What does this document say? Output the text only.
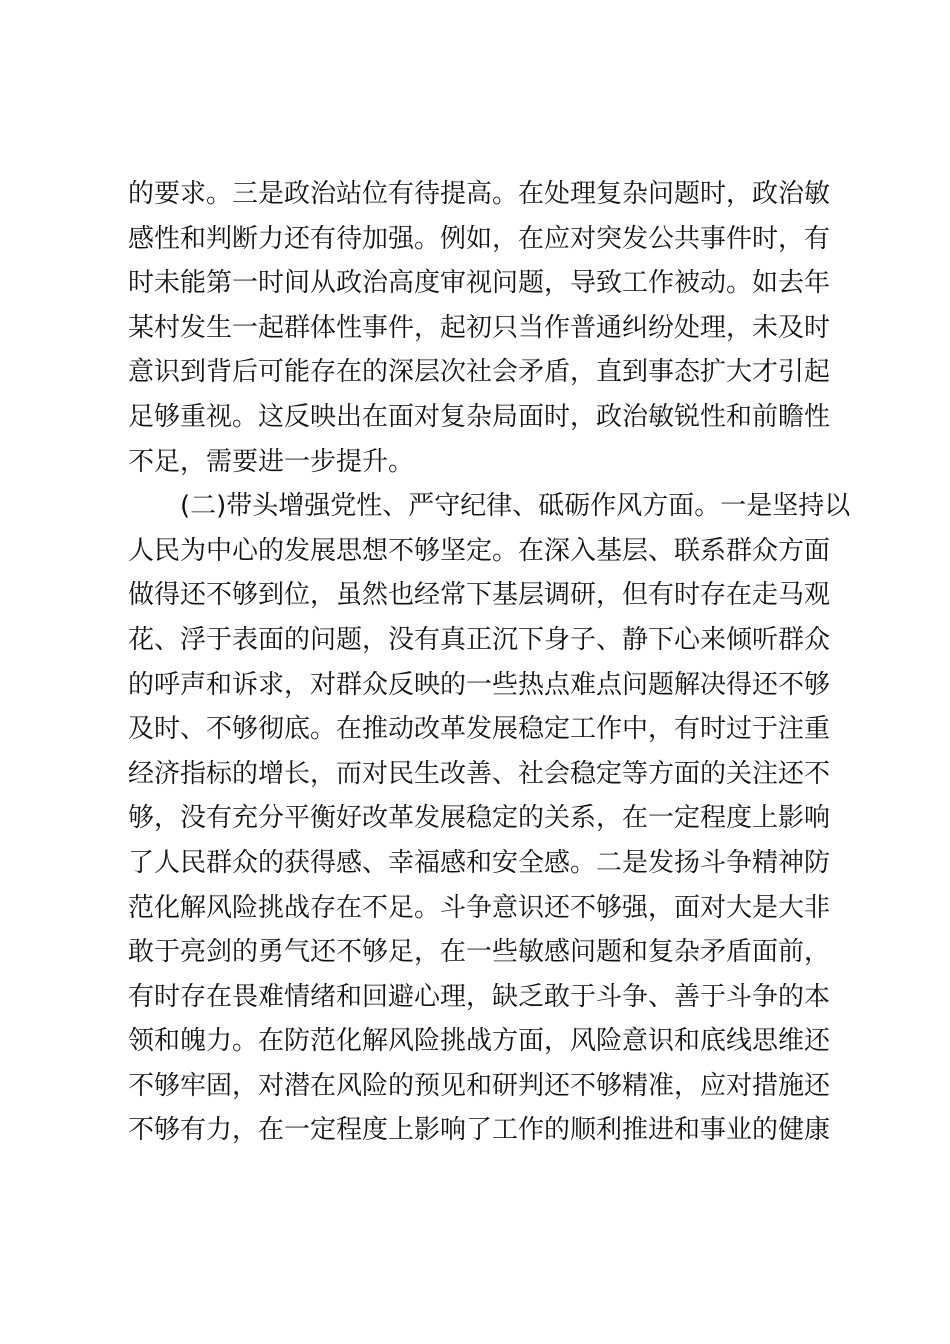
的要求。三是政治站位有待提高。在处理复杂问题时，政治敏
感性和判断力还有待加强。例如，在应对突发公共事件时，有
时未能第一时间从政治高度审视问题，导致工作被动。如去年
某村发生一起群体性事件，起初只当作普通纠纷处理，未及时
意识到背后可能存在的深层次社会矛盾，直到事态扩大才引起
足够重视。这反映出在面对复杂局面时，政治敏锐性和前瞻性
不足，需要进一步提升。
(二)带头增强党性、严守纪律、砥砺作风方面。一是坚持以
人民为中心的发展思想不够坚定。在深入基层、联系群众方面
做得还不够到位，虽然也经常下基层调研，但有时存在走马观
花、浮于表面的问题，没有真正沉下身子、静下心来倾听群众
的呼声和诉求，对群众反映的一些热点难点问题解决得还不够
及时、不够彻底。在推动改革发展稳定工作中，有时过于注重
经济指标的增长，而对民生改善、社会稳定等方面的关注还不
够，没有充分平衡好改革发展稳定的关系，在一定程度上影响
了人民群众的获得感、幸福感和安全感。二是发扬斗争精神防
范化解风险挑战存在不足。斗争意识还不够强，面对大是大非
敢于亮剑的勇气还不够足，在一些敏感问题和复杂矛盾面前，
有时存在畏难情绪和回避心理，缺乏敢于斗争、善于斗争的本
领和魄力。在防范化解风险挑战方面，风险意识和底线思维还
不够牢固，对潜在风险的预见和研判还不够精准，应对措施还
不够有力，在一定程度上影响了工作的顺利推进和事业的健康
